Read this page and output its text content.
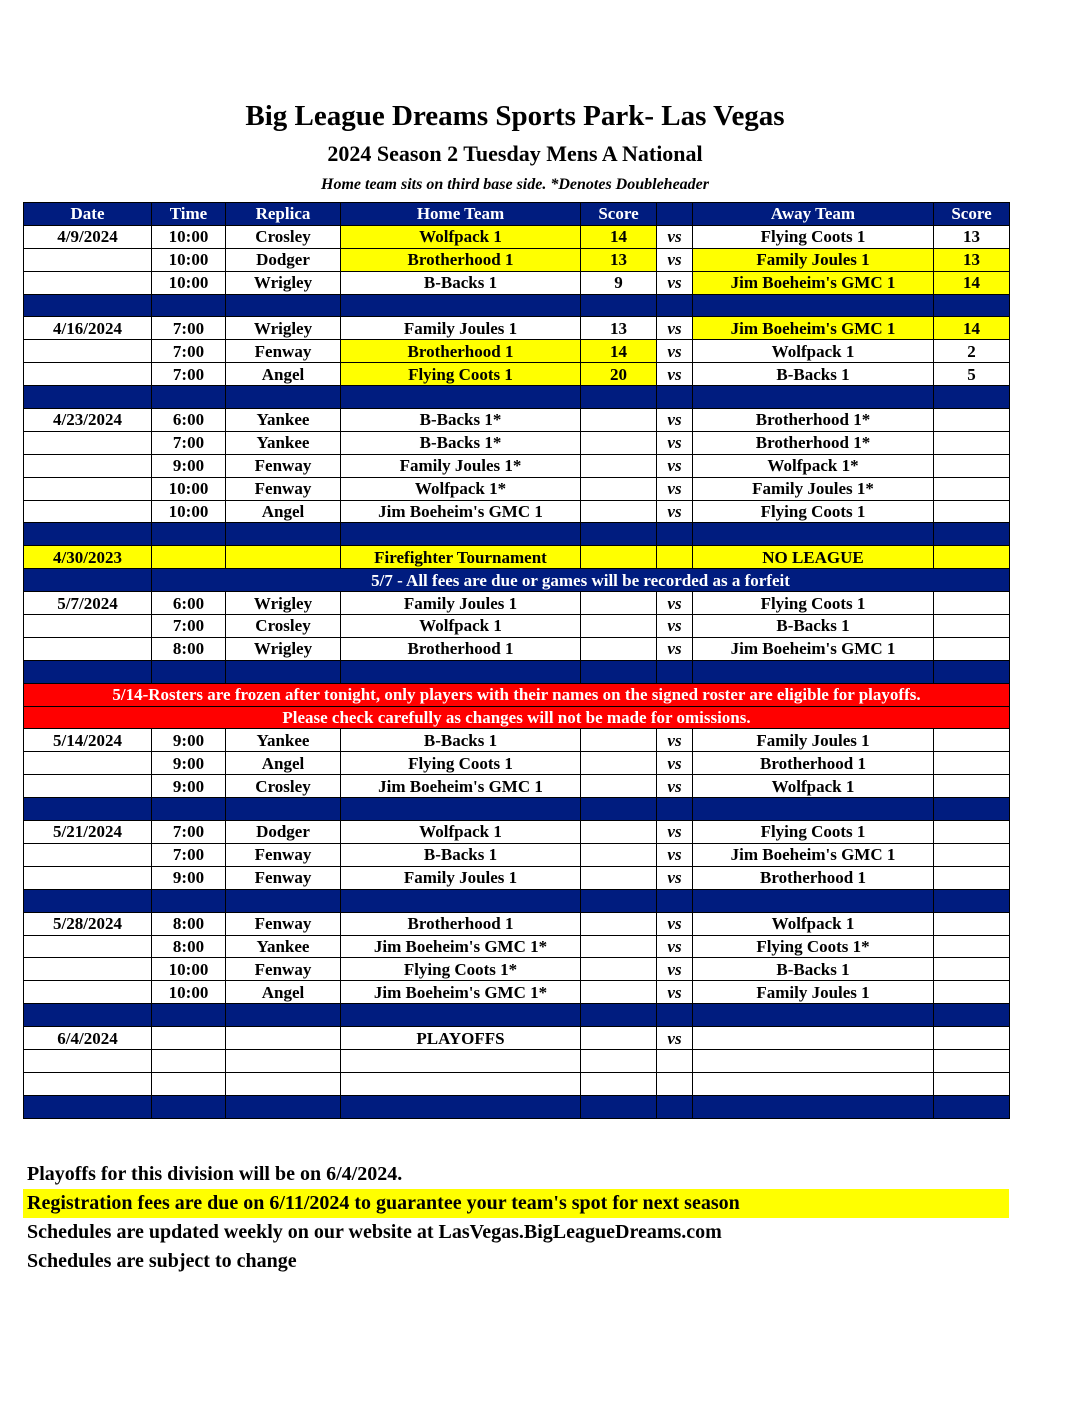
Big League Dreams Sports Park- Las Vegas
2024 Season 2 Tuesday Mens A National

Home team sits on third base side. *Denotes Doubleheader

Date	Time	Replica	Home Team	Score		Away Team	Score
4/9/2024	10:00	Crosley	Wolfpack 1	14	vs	Flying Coots 1	13
	10:00	Dodger	Brotherhood 1	13	vs	Family Joules 1	13
	10:00	Wrigley	B-Backs 1	9	vs	Jim Boeheim's GMC 1	14

4/16/2024	7:00	Wrigley	Family Joules 1	13	vs	Jim Boeheim's GMC 1	14
	7:00	Fenway	Brotherhood 1	14	vs	Wolfpack 1	2
	7:00	Angel	Flying Coots 1	20	vs	B-Backs 1	5

4/23/2024	6:00	Yankee	B-Backs 1*		vs	Brotherhood 1*	
	7:00	Yankee	B-Backs 1*		vs	Brotherhood 1*	
	9:00	Fenway	Family Joules 1*		vs	Wolfpack 1*	
	10:00	Fenway	Wolfpack 1*		vs	Family Joules 1*	
	10:00	Angel	Jim Boeheim's GMC 1		vs	Flying Coots 1	

4/30/2023			Firefighter Tournament			NO LEAGUE	
	5/7 - All fees are due or games will be recorded as a forfeit						
5/7/2024	6:00	Wrigley	Family Joules 1		vs	Flying Coots 1	
	7:00	Crosley	Wolfpack 1		vs	B-Backs 1	
	8:00	Wrigley	Brotherhood 1		vs	Jim Boeheim's GMC 1	

5/14-Rosters are frozen after tonight, only players with their names on the signed roster are eligible for playoffs.							
Please check carefully as changes will not be made for omissions.							
5/14/2024	9:00	Yankee	B-Backs 1		vs	Family Joules 1	
	9:00	Angel	Flying Coots 1		vs	Brotherhood 1	
	9:00	Crosley	Jim Boeheim's GMC 1		vs	Wolfpack 1	

5/21/2024	7:00	Dodger	Wolfpack 1		vs	Flying Coots 1	
	7:00	Fenway	B-Backs 1		vs	Jim Boeheim's GMC 1	
	9:00	Fenway	Family Joules 1		vs	Brotherhood 1	

5/28/2024	8:00	Fenway	Brotherhood 1		vs	Wolfpack 1	
	8:00	Yankee	Jim Boeheim's GMC 1*		vs	Flying Coots 1*	
	10:00	Fenway	Flying Coots 1*		vs	B-Backs 1	
	10:00	Angel	Jim Boeheim's GMC 1*		vs	Family Joules 1	

6/4/2024			PLAYOFFS		vs		

Playoffs for this division will be on 6/4/2024.

Registration fees are due on 6/11/2024 to guarantee your team's spot for next season

Schedules are updated weekly on our website at LasVegas.BigLeagueDreams.com

Schedules are subject to change
